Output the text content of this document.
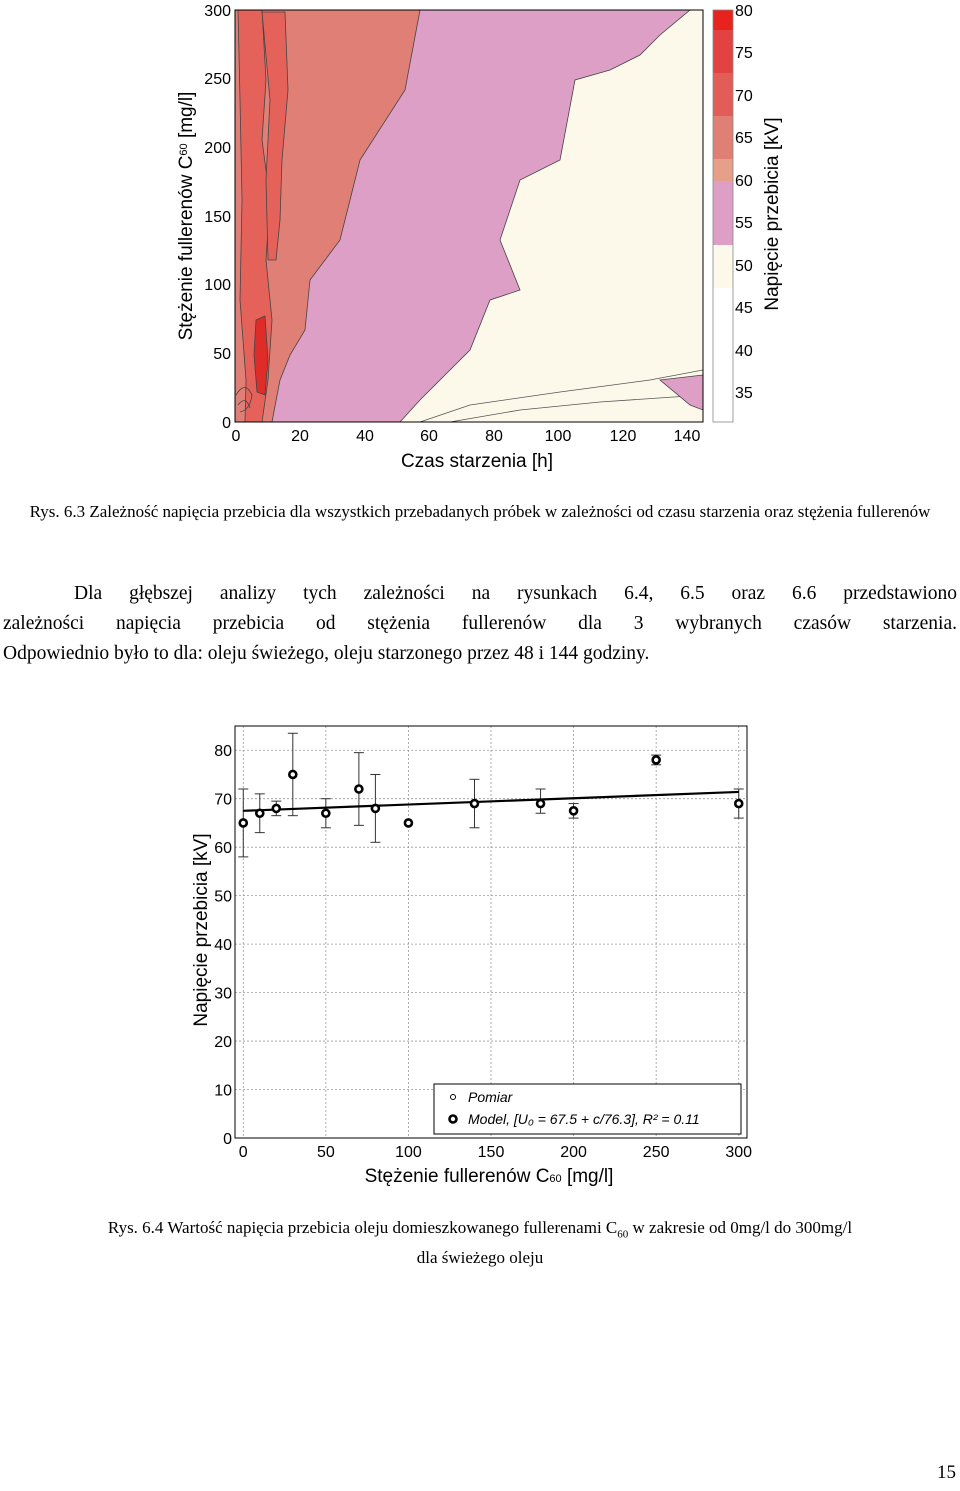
300
250
200
150
100
50
0
0	20	40	60	80	100 120 140
Czas starzenia [h]
Stężenie fullerenów $C^{60}$ [mg/l]
80
75
70
65
60
55
50
45
40
35
Napięcie przebicia [kV]
Rys. 6.3 Zależność napięcia przebicia dla wszystkich przebadanych próbek w zależności od czasu starzenia oraz stężenia fullerenów
Dla głębszej analizy tych zależności na rysunkach 6.4, 6.5 oraz 6.6 przedstawiono
zależności napięcia przebicia od stężenia fullerenów dla 3 wybranych czasów starzenia.
Odpowiednio było to dla: oleju świeżego, oleju starzonego przez 48 i 144 godziny.
0
10
20
30
40
50
60
70
80
0	50	100	150	200	250	300
Pomiar
Model, [U₀ = 67.5 + c/76.3], R² = 0.11
Stężenie fullerenów C60 [mg/l]
Napięcie przebicia [kV]
Rys. 6.4 Wartość napięcia przebicia oleju domieszkowanego fullerenami $C_{60}$ w zakresie od 0mg/l do 300mg/l
dla świeżego oleju
15
